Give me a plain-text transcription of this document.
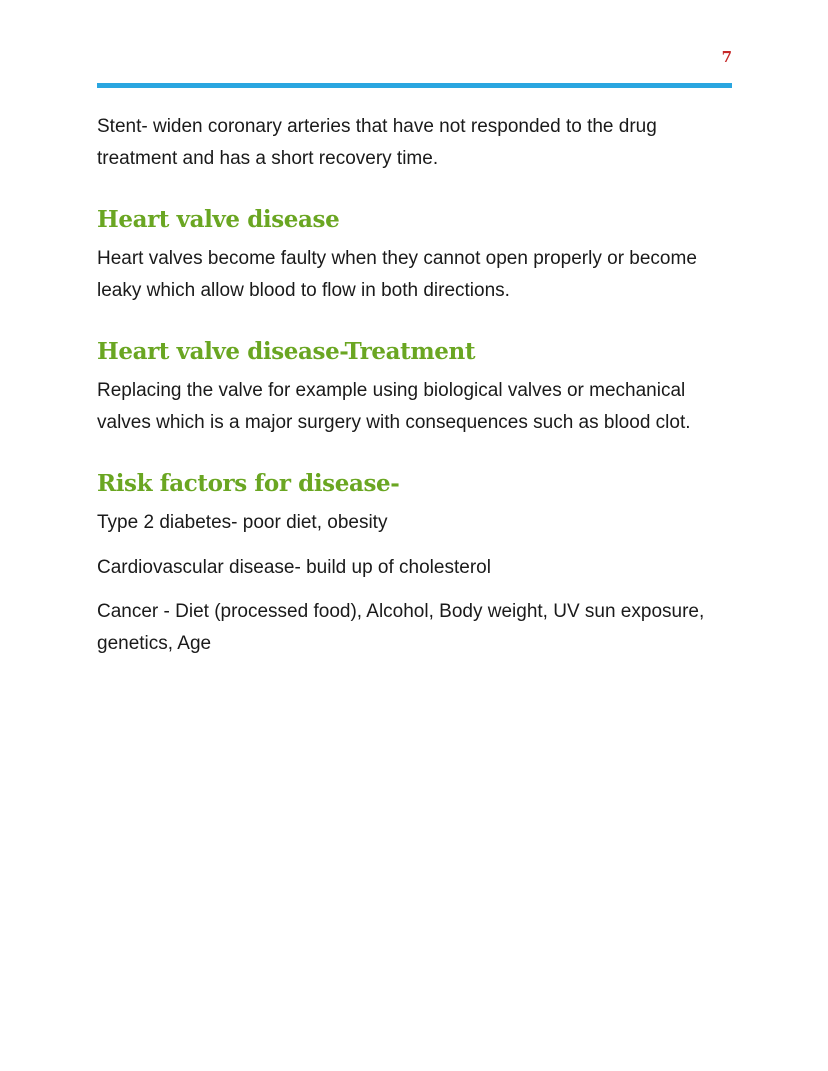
7

Stent- widen coronary arteries that have not responded to the drug treatment and has a short recovery time.

Heart valve disease

Heart valves become faulty when they cannot open properly or become leaky which allow blood to flow in both directions.

Heart valve disease-Treatment

Replacing the valve for example using biological valves or mechanical valves which is a major surgery with consequences such as blood clot.

Risk factors for disease-

Type 2 diabetes- poor diet, obesity

Cardiovascular disease- build up of cholesterol

Cancer - Diet (processed food), Alcohol, Body weight, UV sun exposure, genetics, Age
